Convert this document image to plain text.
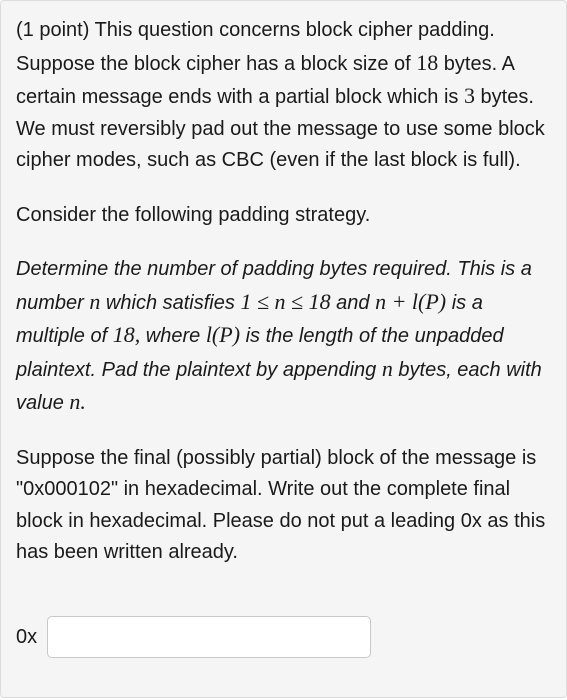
(1 point) This question concerns block cipher padding. Suppose the block cipher has a block size of 18 bytes. A certain message ends with a partial block which is 3 bytes. We must reversibly pad out the message to use some block cipher modes, such as CBC (even if the last block is full).

Consider the following padding strategy.

Determine the number of padding bytes required. This is a number n which satisfies 1 ≤ n ≤ 18 and n + l(P) is a multiple of 18, where l(P) is the length of the unpadded plaintext. Pad the plaintext by appending n bytes, each with value n.

Suppose the final (possibly partial) block of the message is "0x000102" in hexadecimal. Write out the complete final block in hexadecimal. Please do not put a leading 0x as this has been written already.

0x
